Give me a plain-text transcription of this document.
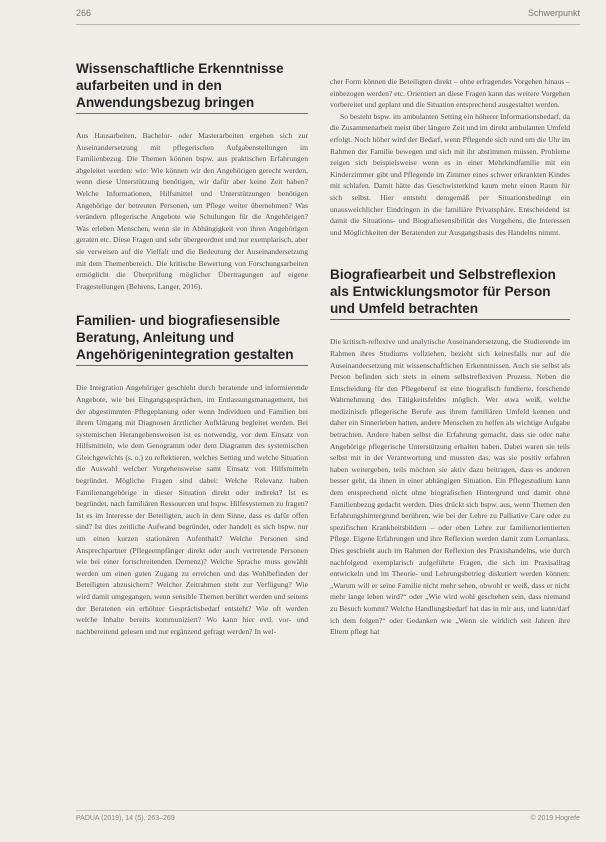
266	Schwerpunkt
Wissenschaftliche Erkenntnisse aufarbeiten und in den Anwendungsbezug bringen

Aus Hausarbeiten, Bachelor- oder Masterarbeiten ergeben sich zur Auseinandersetzung mit pflegerischen Aufgabenstellungen im Familienbezug. Die Themen können bspw. aus praktischen Erfahrungen abgeleitet werden: wie: Wie können wir den Angehörigen gerecht werden, wenn diese Unterstützung benötigen, wir dafür aber keine Zeit haben? Welche Informationen, Hilfsmittel und Unterstützungen benötigen Angehörige der betreuten Personen, um Pflege weiter übernehmen? Was verändern pflegerische Angebote wie Schulungen für die Angehörigen? Was erleben Menschen, wenn sie in Abhängigkeit von ihren Angehörigen geraten etc. Diese Fragen und sehr übergeordnet und nur exemplarisch, aber sie verweisen auf die Vielfalt und die Bedeutung der Auseinandersetzung mit dem Themenbereich. Die kritische Bewertung von Forschungsarbeiten ermöglicht die Überprüfung möglicher Übertragungen auf eigene Fragestellungen (Behrens, Langer, 2016).

Familien- und biografiesensible Beratung, Anleitung und Angehörigenintegration gestalten

Die Integration Angehöriger geschieht durch beratende und informierende Angebote, wie bei Eingangsgesprächen, im Entlassungsmanagement, bei der abgestimmten Pflegeplanung oder wenn Individuen und Familien bei ihrem Umgang mit Diagnosen ärztlicher Aufklärung begleitet werden. Bei systemischen Herangehensweisen ist es notwendig, vor dem Einsatz von Hilfsmitteln, wie dem Genogramm oder dem Diagramm des systemischen Gleichgewichts (s. o.) zu reflektieren, welches Setting und welche Situation die Auswahl welcher Vorgehensweise samt Einsatz von Hilfsmitteln begründet. Mögliche Fragen sind dabei: Welche Relevanz haben Familienangehörige in dieser Situation direkt oder indirekt? Ist es begründet, nach familiären Ressourcen und bspw. Hilfesystemen zu fragen? Ist es im Interesse der Beteiligten, auch in dem Sinne, dass es dafür offen sind? Ist dies zeitliche Aufwand begründet, oder handelt es sich bspw. nur um einen kurzen stationären Aufenthalt? Welche Personen sind Ansprechpartner (Pflegeempfänger direkt oder auch vertretende Personen wie bei einer fortschreitenden Demenz)? Welche Sprache muss gewählt werden um einen guten Zugang zu erreichen und das Wohlbefinden der Beteiligten abzusichern? Welcher Zeitrahmen steht zur Verfügung? Wie wird damit umgegangen, wenn sensible Themen berührt werden und seitens der Beratenen ein erhöhter Gesprächsbedarf entsteht? Wie oft werden welche Inhalte bereits kommuniziert? Wo kann hier evtl. vor- und nachbereitend gelesen und nur ergänzend gefragt werden? In wel-

cher Form können die Beteiligten direkt – ohne erfragendes Vorgehen hinaus – einbezogen werden? etc. Orientiert an diese Fragen kann das weitere Vorgehen vorbereitet und geplant und die Situation entsprechend ausgestaltet werden.

So besteht bspw. im ambulanten Setting ein höherer Informationsbedarf, da die Zusammenarbeit meist über längere Zeit und im direkt ambulanten Umfeld erfolgt. Noch höher wird der Bedarf, wenn Pflegende sich rund um die Uhr im Rahmen der Familie bewegen und sich mit ihr abstimmen müssen. Probleme zeigen sich beispielsweise wenn es in einer Mehrkindfamilie mit ein Kinderzimmer gibt und Pflegende im Zimmer eines schwer erkrankten Kindes mit schlafen. Damit hätte das Geschwisterkind kaum mehr einen Raum für sich selbst. Hier entsteht demgemäß per Situationsbedingt ein unausweichlicher Eindringen in die familiäre Privatsphäre. Entscheidend ist damit die Situations- und Biografiesensibilität des Vorgehens, die Interessen und Möglichkeiten der Beratenden zur Ausgangsbasis des Handelns nimmt.

Biografiearbeit und Selbstreflexion als Entwicklungsmotor für Person und Umfeld betrachten

Die kritisch-reflexive und analytische Auseinandersetzung, die Studierende im Rahmen ihres Studiums vollziehen, bezieht sich keinesfalls nur auf die Auseinandersetzung mit wissenschaftlichen Erkenntnissen. Auch sie selbst als Person befinden sich stets in einem selbstreflexiven Prozess. Neben die Entscheidung für den Pflegeberuf ist eine biografisch fundierte, forschende Wahrnehmung des Tätigkeitsfeldes möglich. Wer etwa weiß, welche medizinisch pflegerische Berufe aus ihrem familiären Umfeld kennen und daher ein Sinnerleben hatten, andere Menschen zu helfen als wichtige Aufgabe betrachten. Andere haben selbst die Erfahrung gemacht, dass sie oder nahe Angehörige pflegerische Unterstützung erhalten haben. Dabei waren sie teils selbst mit in der Verantwortung und mussten das, was sie positiv erfahren haben weitergeben, teils möchten sie aktiv dazu beitragen, dass es anderen besser geht, da ihnen in einer abhängigen Situation. Ein Pflegestudium kann dem entsprechend nicht ohne biografischen Hintergrund und damit ohne Familienbezug gedacht werden. Dies drückt sich bspw. aus, wenn Themen den Erfahrungshintergrund berühren, wie bei der Lehre zu Palliative Care oder zu spezifischen Krankheitsbildern – oder eben Lehre zur familienorientierten Pflege. Eigene Erfahrungen und ihre Reflexion werden damit zum Lernanlass. Dies geschieht auch im Rahmen der Reflexion des Praxishandelns, wie durch nachfolgend exemplarisch aufgeführte Fragen, die sich im Praxisalltag entwickeln und im Theorie- und Lehrungsbetrieg diskutiert werden können: „Warum will er seine Familie nicht mehr sehen, obwohl er weiß, dass er nicht mehr lange leben wird?“ oder „Wie wird wohl geschehen sein, dass niemand zu Besuch kommt? Welche Handlungsbedarf hat das in mir aus, und kann/darf ich dem folgen?“ oder Gedanken wie „Wenn sie wirklich seit Jahren ihre Eltern pflegt hat

PADUA (2019), 14 (5), 263–269	© 2019 Hogrefe
